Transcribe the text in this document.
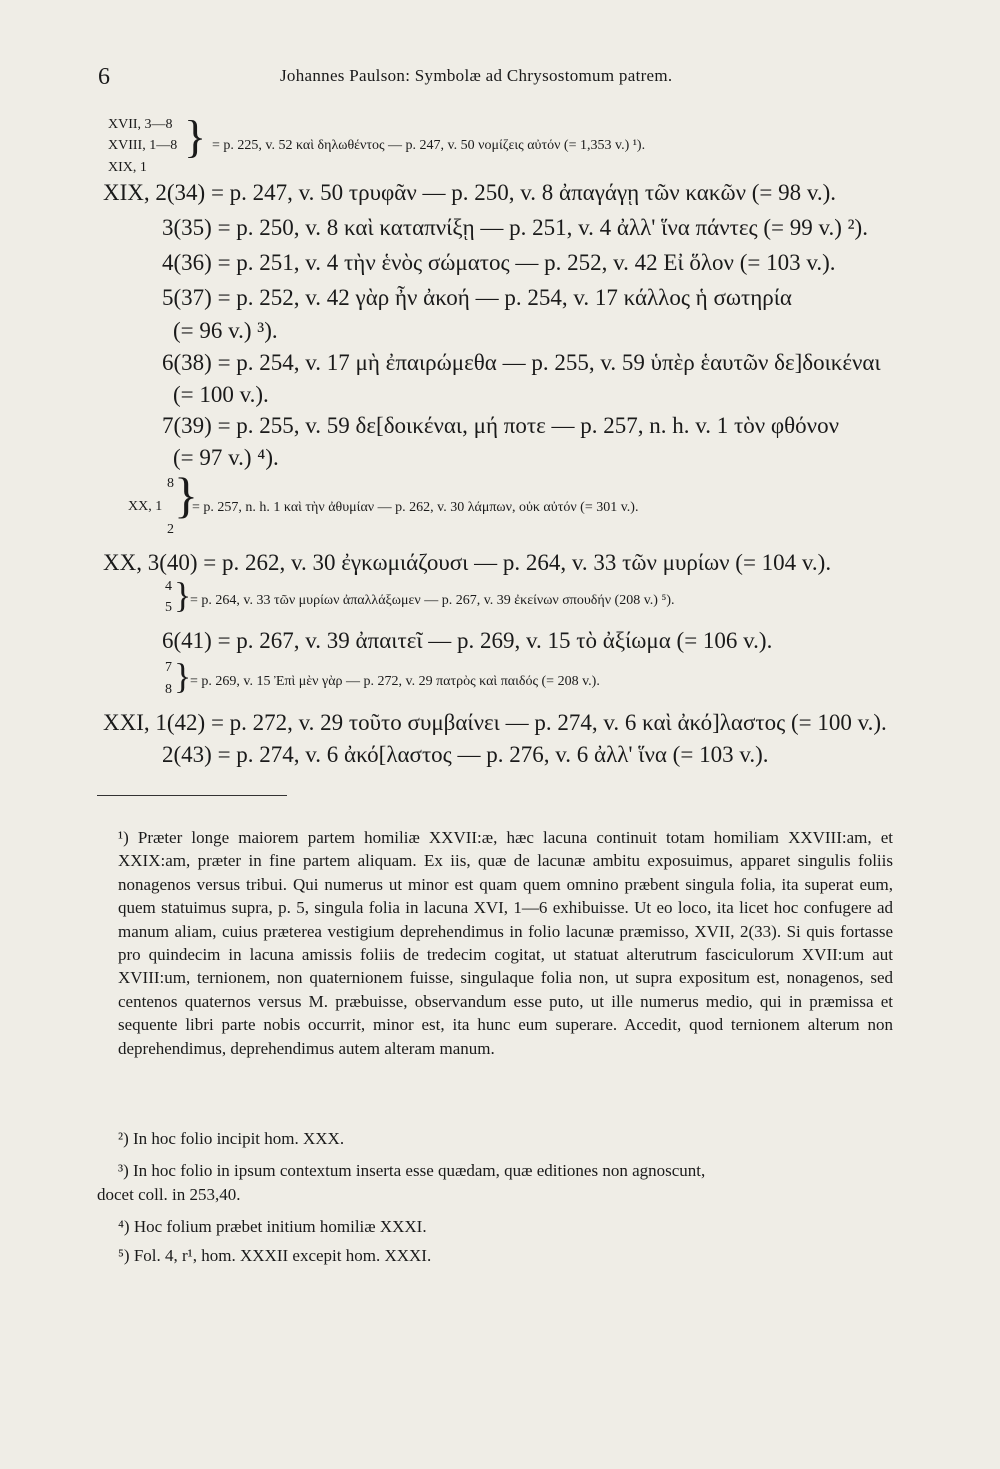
6	Johannes Paulson: Symbolæ ad Chrysostomum patrem.
XVII, 3—8
XVIII, 1—8
XIX, 1
} = p. 225, v. 52 καὶ δηλωθέντος — p. 247, v. 50 νομίζεις αὐτόν (= 1,353 v.) ¹).
XIX, 2(34) = p. 247, v. 50 τρυφᾶν — p. 250, v. 8 ἀπαγάγῃ τῶν κακῶν (= 98 v.).
3(35) = p. 250, v. 8 καὶ καταπνίξῃ — p. 251, v. 4 ἀλλ' ἵνα πάντες (= 99 v.) ²).
4(36) = p. 251, v. 4 τὴν ἑνὸς σώματος — p. 252, v. 42 Εἰ ὅλον (= 103 v.).
5(37) = p. 252, v. 42 γὰρ ἦν ἀκοή — p. 254, v. 17 κάλλος ἡ σωτηρία
(= 96 v.) ³).
6(38) = p. 254, v. 17 μὴ ἐπαιρώμεθα — p. 255, v. 59 ὑπὲρ ἑαυτῶν δε]δοικέναι
(= 100 v.).
7(39) = p. 255, v. 59 δε[δοικέναι, μή ποτε — p. 257, n. h. v. 1 τὸν φθόνον
(= 97 v.) ⁴).
8
XX, 1
2
}
= p. 257, n. h. 1 καὶ τὴν ἀθυμίαν — p. 262, v. 30 λάμπων, οὐκ αὐτόν (= 301 v.).
XX, 3(40) = p. 262, v. 30 ἐγκωμιάζουσι — p. 264, v. 33 τῶν μυρίων (= 104 v.).
4
5 }
= p. 264, v. 33 τῶν μυρίων ἀπαλλάξωμεν — p. 267, v. 39 ἐκείνων σπουδήν (208 v.) ⁵).
6(41) = p. 267, v. 39 ἀπαιτεῖ — p. 269, v. 15 τὸ ἀξίωμα (= 106 v.).
7
8 }
= p. 269, v. 15 Ἐπὶ μὲν γὰρ — p. 272, v. 29 πατρὸς καὶ παιδός (= 208 v.).
XXI, 1(42) = p. 272, v. 29 τοῦτο συμβαίνει — p. 274, v. 6 καὶ ἀκό]λαστος (= 100 v.).
2(43) = p. 274, v. 6 ἀκό[λαστος — p. 276, v. 6 ἀλλ' ἵνα (= 103 v.).
¹) Præter longe maiorem partem homiliæ XXVII:æ, hæc lacuna continuit totam homiliam XXVIII:am, et XXIX:am, præter in fine partem aliquam. Ex iis, quæ de lacunæ ambitu exposuimus, apparet singulis foliis nonagenos versus tribui. Qui numerus ut minor est quam quem omnino præbent singula folia, ita superat eum, quem statuimus supra, p. 5, singula folia in lacuna XVI, 1—6 exhibuisse. Ut eo loco, ita licet hoc confugere ad manum aliam, cuius præterea vestigium deprehendimus in folio lacunæ præmisso, XVII, 2(33). Si quis fortasse pro quindecim in lacuna amissis foliis de tredecim cogitat, ut statuat alterutrum fasciculorum XVII:um aut XVIII:um, ternionem, non quaternionem fuisse, singulaque folia non, ut supra expositum est, nonagenos, sed centenos quaternos versus M. præbuisse, observandum esse puto, ut ille numerus medio, qui in præmissa et sequente libri parte nobis occurrit, minor est, ita hunc eum superare. Accedit, quod ternionem alterum non deprehendimus, deprehendimus autem alteram manum.
²) In hoc folio incipit hom. XXX.
³) In hoc folio in ipsum contextum inserta esse quædam, quæ editiones non agnoscunt,
docet coll. in 253,40.
⁴) Hoc folium præbet initium homiliæ XXXI.
⁵) Fol. 4, r¹, hom. XXXII excepit hom. XXXI.
